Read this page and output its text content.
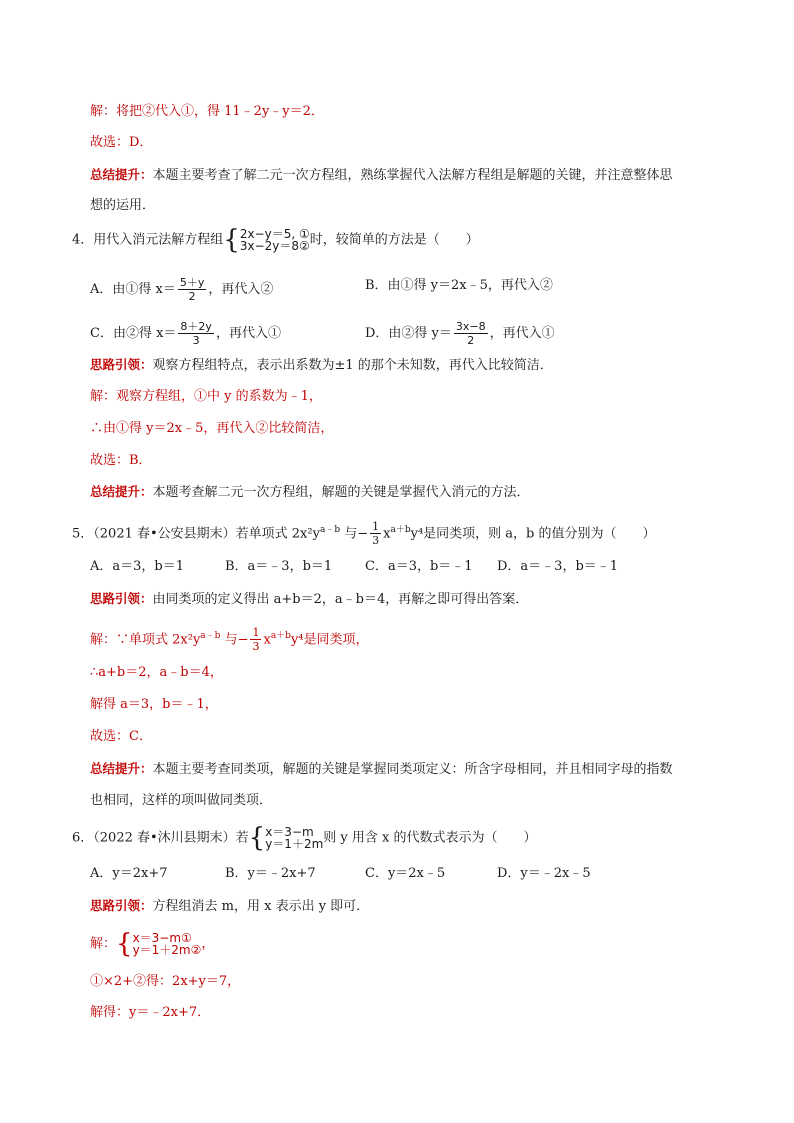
解：将把②代入①，得 11﹣2y﹣y＝2．
故选：D．
总结提升：本题主要考查了解二元一次方程组，熟练掌握代入法解方程组是解题的关键，并注意整体思
想的运用．
4．用代入消元法解方程组{ 2x−y＝5, ①
3x−2y＝8② 时，较简单的方法是（　　）
A．由①得 $x= \frac{5+y}{2}$ ，再代入②	B．由①得 y＝2x﹣5，再代入②
C．由②得 $x= \frac{8+2y}{3}$ ，再代入①	D．由②得 $y= \frac{3x-8}{2}$ ，再代入①
思路引领：观察方程组特点，表示出系数为±1 的那个未知数，再代入比较简洁．
解：观察方程组，①中 y 的系数为﹣1，
∴由①得 y＝2x﹣5，再代入②比较简洁，
故选：B．
总结提升：本题考查解二元一次方程组，解题的关键是掌握代入消元的方法．
5．（2021 春•公安县期末）若单项式 $2x^2y^{a﹣b}$ 与− $\frac{1}{3} x^{a+b}y^4$是同类项，则 a，b 的值分别为（　　）
A．a＝3，b＝1	B．a＝﹣3，b＝1	C．a＝3，b＝﹣1 D．a＝﹣3，b＝﹣1
思路引领：由同类项的定义得出 a+b＝2，a﹣b＝4，再解之即可得出答案．
解：∵单项式 $2x^2y^{a﹣b}$ 与− $\frac{1}{3} x^{a+b}y^4$是同类项，
∴a+b＝2，a﹣b＝4，
解得 a＝3，b＝﹣1，
故选：C．
总结提升：本题主要考查同类项，解题的关键是掌握同类项定义：所含字母相同，并且相同字母的指数
也相同，这样的项叫做同类项．
6．（2022 春•沐川县期末）若{ x＝3−m
y＝1＋2m 则 y 用含 x 的代数式表示为（　　）
A．y＝2x+7	B．y＝﹣2x+7	C．y＝2x﹣5	D．y＝﹣2x﹣5
思路引领：方程组消去 m，用 x 表示出 y 即可．
解：{ x＝3−m①
y＝1＋2m② ，
①×2+②得：2x+y＝7，
解得：y＝﹣2x+7．
